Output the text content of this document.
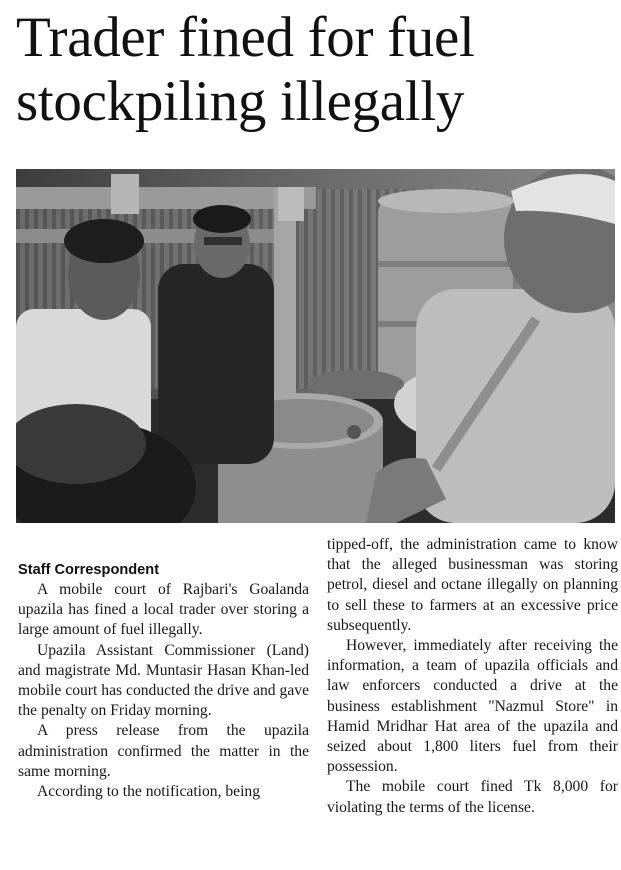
Trader fined for fuel stockpiling illegally
Staff Correspondent

A mobile court of Rajbari's Goalanda upazila has fined a local trader over storing a large amount of fuel illegally.

Upazila Assistant Commissioner (Land) and magistrate Md. Muntasir Hasan Khan-led mobile court has conducted the drive and gave the penalty on Friday morning.

A press release from the upazila administration confirmed the matter in the same morning.

According to the notification, being

tipped-off, the administration came to know that the alleged businessman was storing petrol, diesel and octane illegally on planning to sell these to farmers at an excessive price subsequently.

However, immediately after receiving the information, a team of upazila officials and law enforcers conducted a drive at the business establishment "Nazmul Store" in Hamid Mridhar Hat area of the upazila and seized about 1,800 liters fuel from their possession.

The mobile court fined Tk 8,000 for violating the terms of the license.
